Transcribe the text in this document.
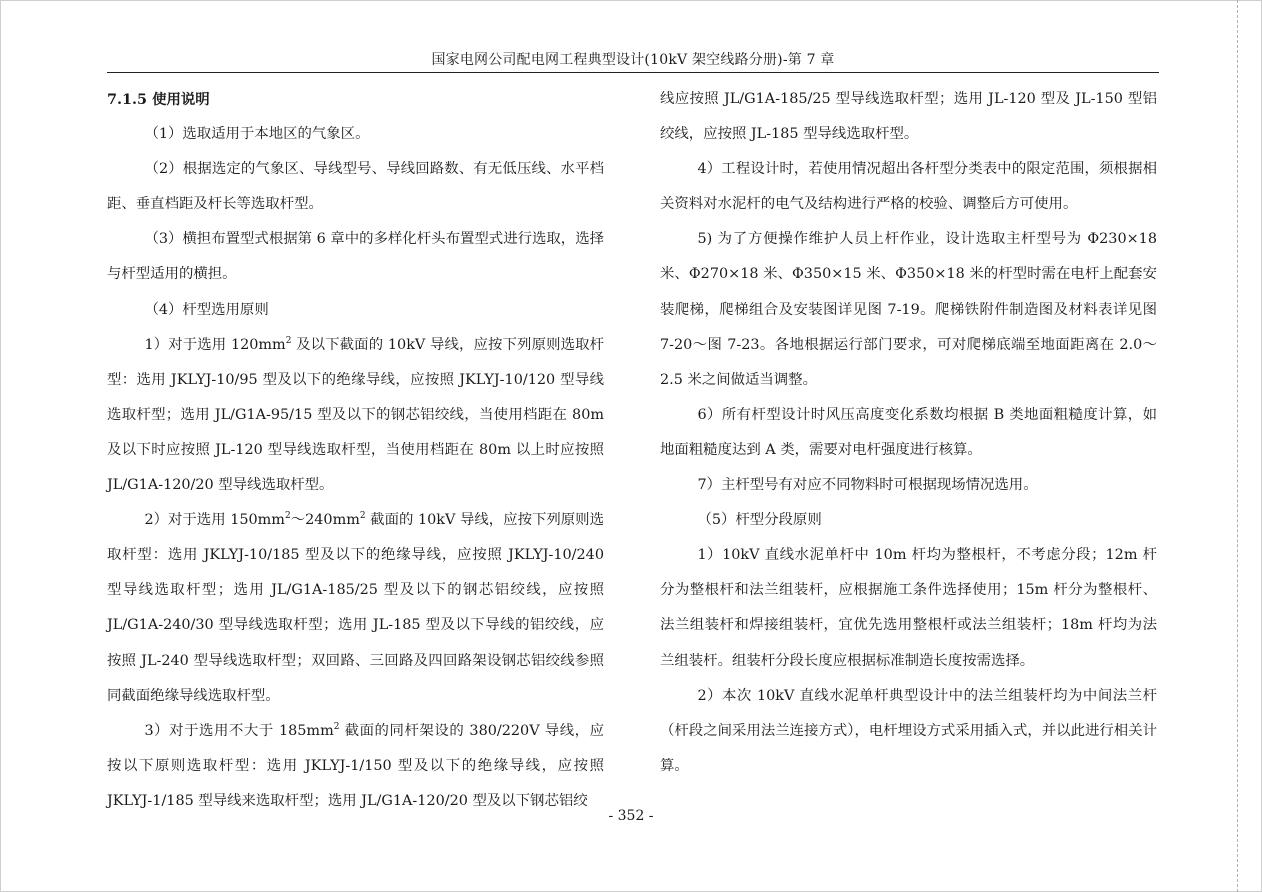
国家电网公司配电网工程典型设计(10kV 架空线路分册)-第 7 章

7.1.5 使用说明

（1）选取适用于本地区的气象区。

（2）根据选定的气象区、导线型号、导线回路数、有无低压线、水平档距、垂直档距及杆长等选取杆型。

（3）横担布置型式根据第 6 章中的多样化杆头布置型式进行选取，选择与杆型适用的横担。

（4）杆型选用原则

1）对于选用 $120mm^2$ 及以下截面的 10kV 导线，应按下列原则选取杆型：选用 JKLYJ-10/95 型及以下的绝缘导线，应按照 JKLYJ-10/120 型导线选取杆型；选用 JL/G1A-95/15 型及以下的钢芯铝绞线，当使用档距在 80m 及以下时应按照 JL-120 型导线选取杆型，当使用档距在 80m 以上时应按照 JL/G1A-120/20 型导线选取杆型。

2）对于选用 $150mm^2\sim 240mm^2$ 截面的 10kV 导线，应按下列原则选取杆型：选用 JKLYJ-10/185 型及以下的绝缘导线，应按照 JKLYJ-10/240 型导线选取杆型；选用 JL/G1A-185/25 型及以下的钢芯铝绞线，应按照 JL/G1A-240/30 型导线选取杆型；选用 JL-185 型及以下导线的铝绞线，应按照 JL-240 型导线选取杆型；双回路、三回路及四回路架设钢芯铝绞线参照同截面绝缘导线选取杆型。

3）对于选用不大于 $185mm^2$ 截面的同杆架设的 380/220V 导线，应按以下原则选取杆型：选用 JKLYJ-1/150 型及以下的绝缘导线，应按照 JKLYJ-1/185 型导线来选取杆型；选用 JL/G1A-120/20 型及以下钢芯铝绞

线应按照 JL/G1A-185/25 型导线选取杆型；选用 JL-120 型及 JL-150 型铝绞线，应按照 JL-185 型导线选取杆型。

4）工程设计时，若使用情况超出各杆型分类表中的限定范围，须根据相关资料对水泥杆的电气及结构进行严格的校验、调整后方可使用。

5) 为了方便操作维护人员上杆作业，设计选取主杆型号为 Φ230×18 米、Φ270×18 米、Φ350×15 米、Φ350×18 米的杆型时需在电杆上配套安装爬梯，爬梯组合及安装图详见图 7-19。爬梯铁附件制造图及材料表详见图 7-20～图 7-23。各地根据运行部门要求，可对爬梯底端至地面距离在 2.0～2.5 米之间做适当调整。

6）所有杆型设计时风压高度变化系数均根据 B 类地面粗糙度计算，如地面粗糙度达到 A 类，需要对电杆强度进行核算。

7）主杆型号有对应不同物料时可根据现场情况选用。

（5）杆型分段原则

1）10kV 直线水泥单杆中 10m 杆均为整根杆，不考虑分段；12m 杆分为整根杆和法兰组装杆，应根据施工条件选择使用；15m 杆分为整根杆、法兰组装杆和焊接组装杆，宜优先选用整根杆或法兰组装杆；18m 杆均为法兰组装杆。组装杆分段长度应根据标准制造长度按需选择。

2）本次 10kV 直线水泥单杆典型设计中的法兰组装杆均为中间法兰杆（杆段之间采用法兰连接方式），电杆埋设方式采用插入式，并以此进行相关计算。

- 352 -
